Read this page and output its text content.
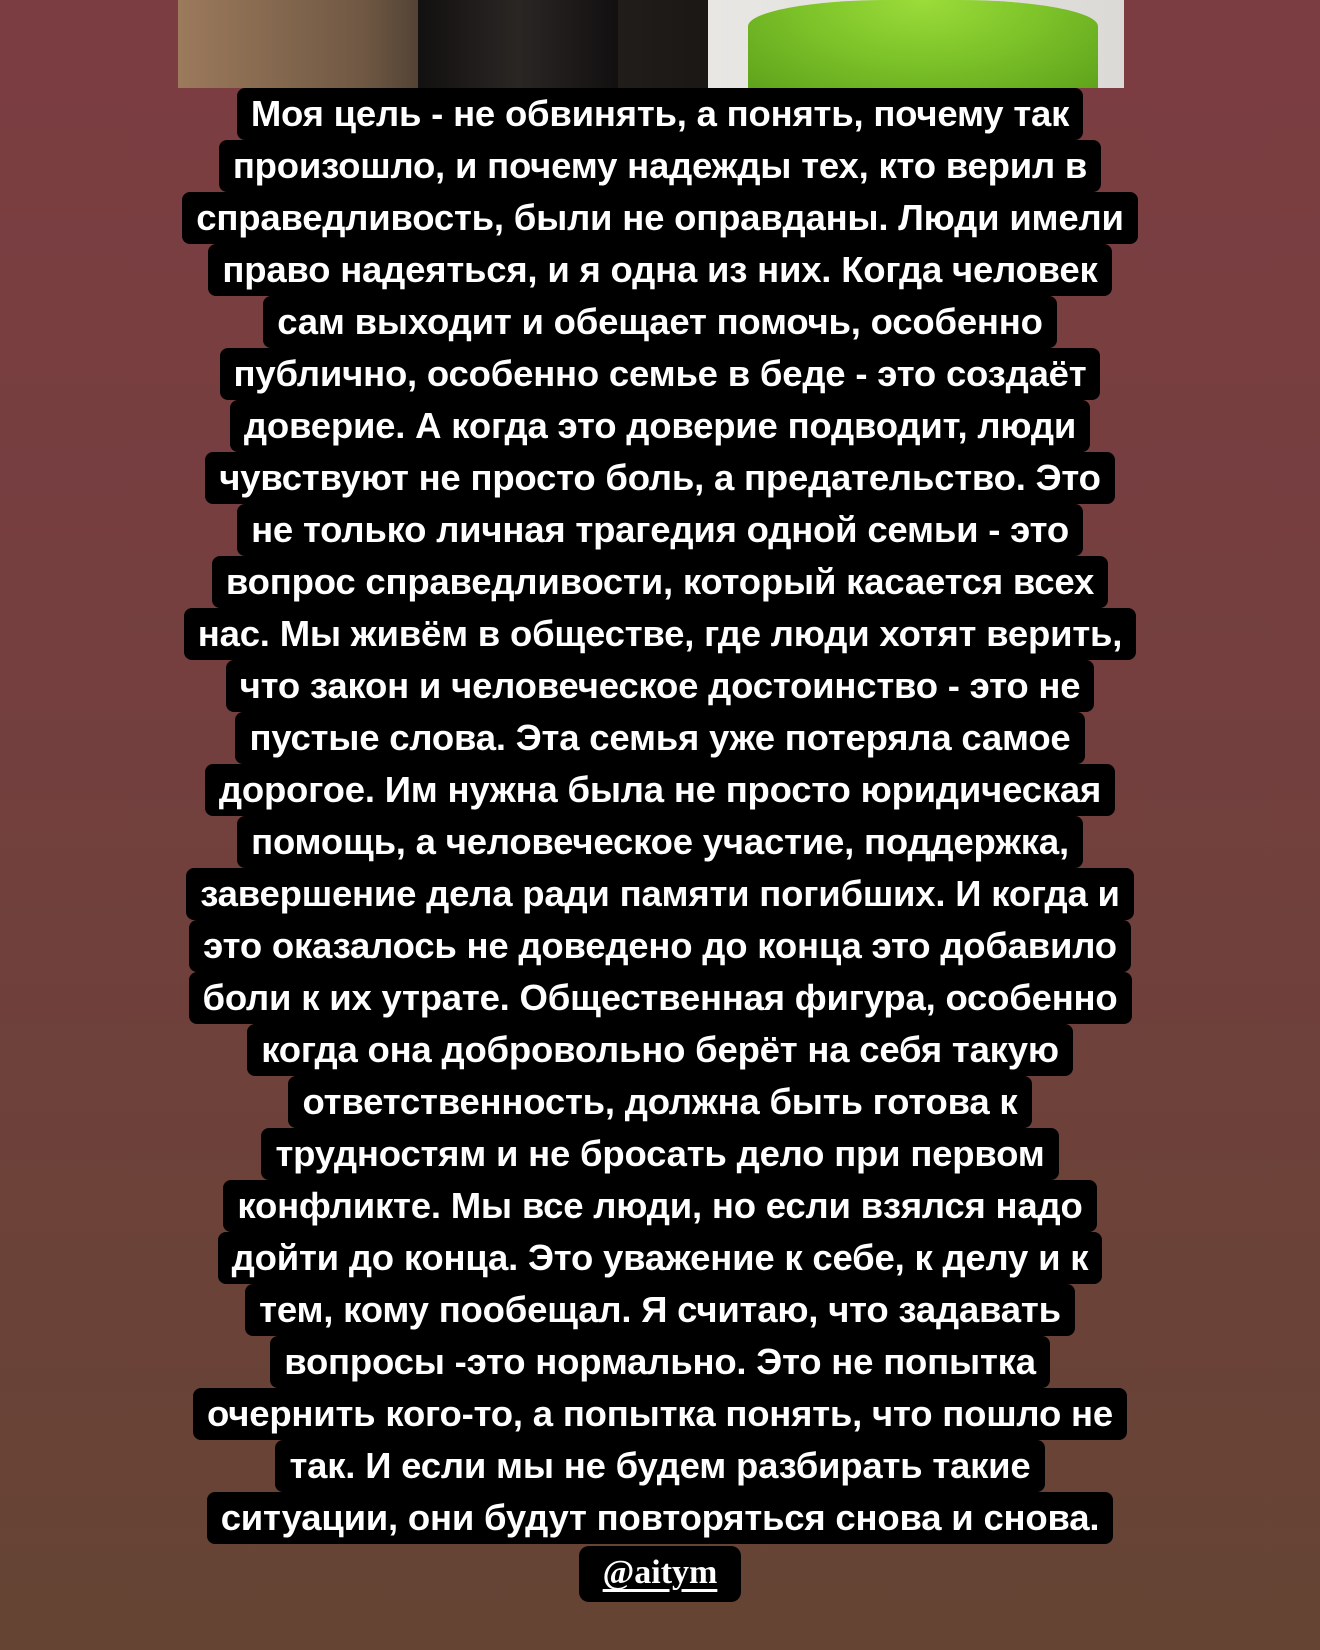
Моя цель - не обвинять, а понять, почему так
произошло, и почему надежды тех, кто верил в
справедливость, были не оправданы. Люди имели
право надеяться, и я одна из них. Когда человек
сам выходит и обещает помочь, особенно
публично, особенно семье в беде - это создаёт
доверие. А когда это доверие подводит, люди
чувствуют не просто боль, а предательство. Это
не только личная трагедия одной семьи - это
вопрос справедливости, который касается всех
нас. Мы живём в обществе, где люди хотят верить,
что закон и человеческое достоинство - это не
пустые слова. Эта семья уже потеряла самое
дорогое. Им нужна была не просто юридическая
помощь, а человеческое участие, поддержка,
завершение дела ради памяти погибших. И когда и
это оказалось не доведено до конца это добавило
боли к их утрате. Общественная фигура, особенно
когда она добровольно берёт на себя такую
ответственность, должна быть готова к
трудностям и не бросать дело при первом
конфликте. Мы все люди, но если взялся надо
дойти до конца. Это уважение к себе, к делу и к
тем, кому пообещал. Я считаю, что задавать
вопросы -это нормально. Это не попытка
очернить кого-то, а попытка понять, что пошло не
так. И если мы не будем разбирать такие
ситуации, они будут повторяться снова и снова.
@aitym
